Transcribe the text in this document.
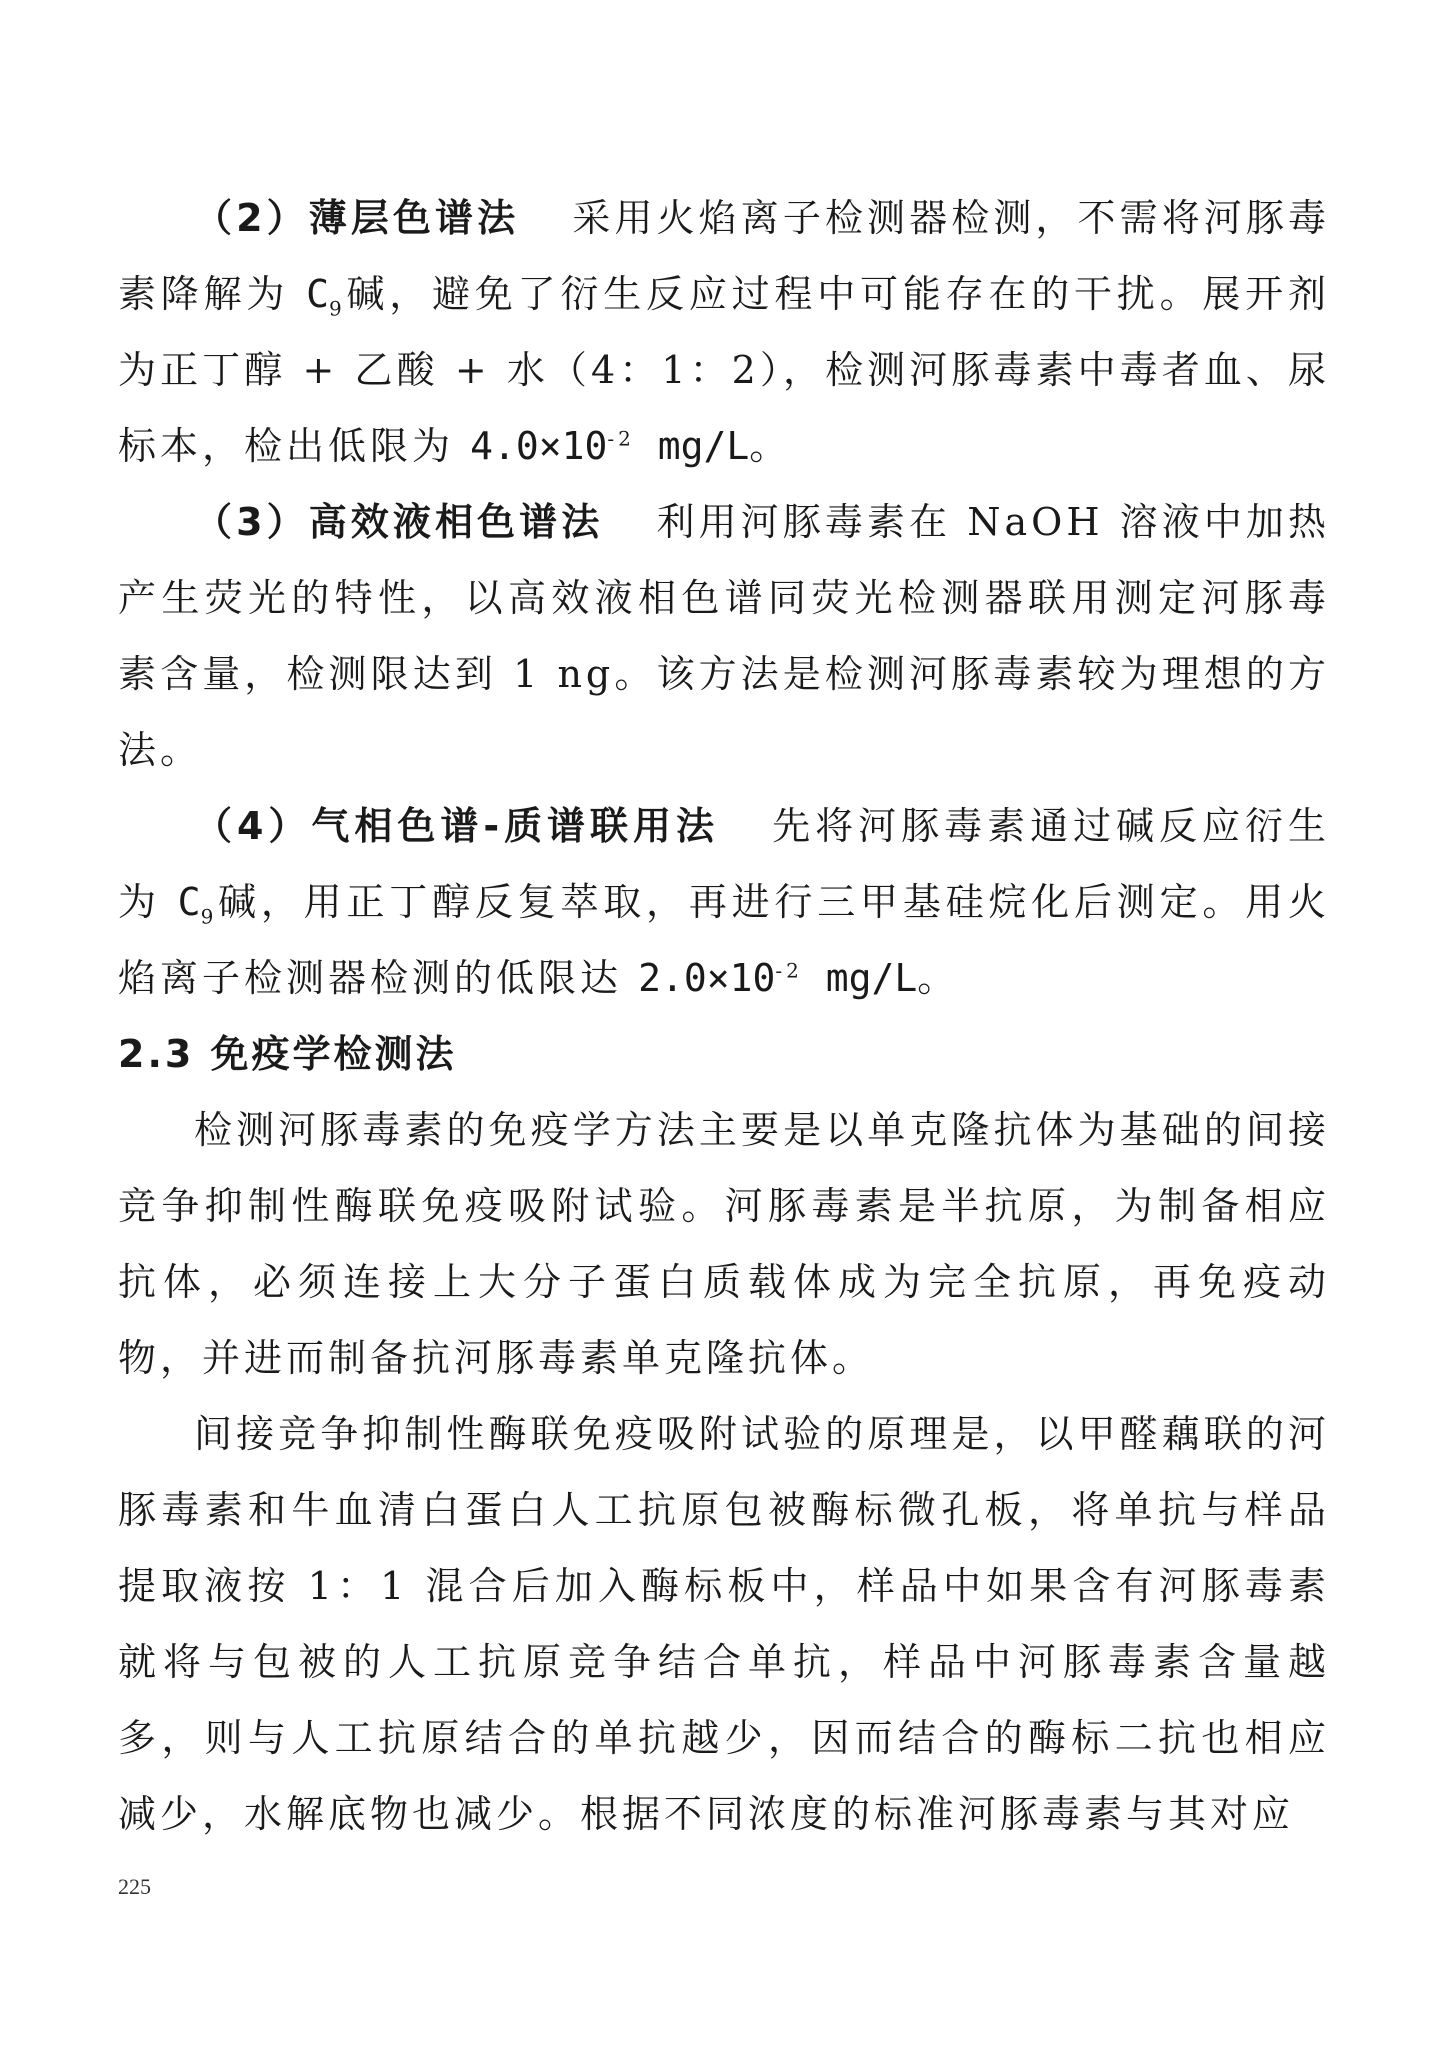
（2）薄层色谱法 采用火焰离子检测器检测，不需将河豚毒素降解为 $C_9$碱，避免了衍生反应过程中可能存在的干扰。展开剂为正丁醇 + 乙酸 + 水（4：1：2），检测河豚毒素中毒者血、尿标本，检出低限为 $4.0\times 10^{-2}$ mg/L。

（3）高效液相色谱法 利用河豚毒素在 NaOH 溶液中加热产生荧光的特性，以高效液相色谱同荧光检测器联用测定河豚毒素含量，检测限达到 1 ng。该方法是检测河豚毒素较为理想的方法。

（4）气相色谱-质谱联用法 先将河豚毒素通过碱反应衍生为 $C_9$碱，用正丁醇反复萃取，再进行三甲基硅烷化后测定。用火焰离子检测器检测的低限达 $2.0\times 10^{-2}$ mg/L。

2.3 免疫学检测法

检测河豚毒素的免疫学方法主要是以单克隆抗体为基础的间接竞争抑制性酶联免疫吸附试验。河豚毒素是半抗原，为制备相应抗体，必须连接上大分子蛋白质载体成为完全抗原，再免疫动物，并进而制备抗河豚毒素单克隆抗体。

间接竞争抑制性酶联免疫吸附试验的原理是，以甲醛藕联的河豚毒素和牛血清白蛋白人工抗原包被酶标微孔板，将单抗与样品提取液按 1：1 混合后加入酶标板中，样品中如果含有河豚毒素就将与包被的人工抗原竞争结合单抗，样品中河豚毒素含量越多，则与人工抗原结合的单抗越少，因而结合的酶标二抗也相应减少，水解底物也减少。根据不同浓度的标准河豚毒素与其对应

225
